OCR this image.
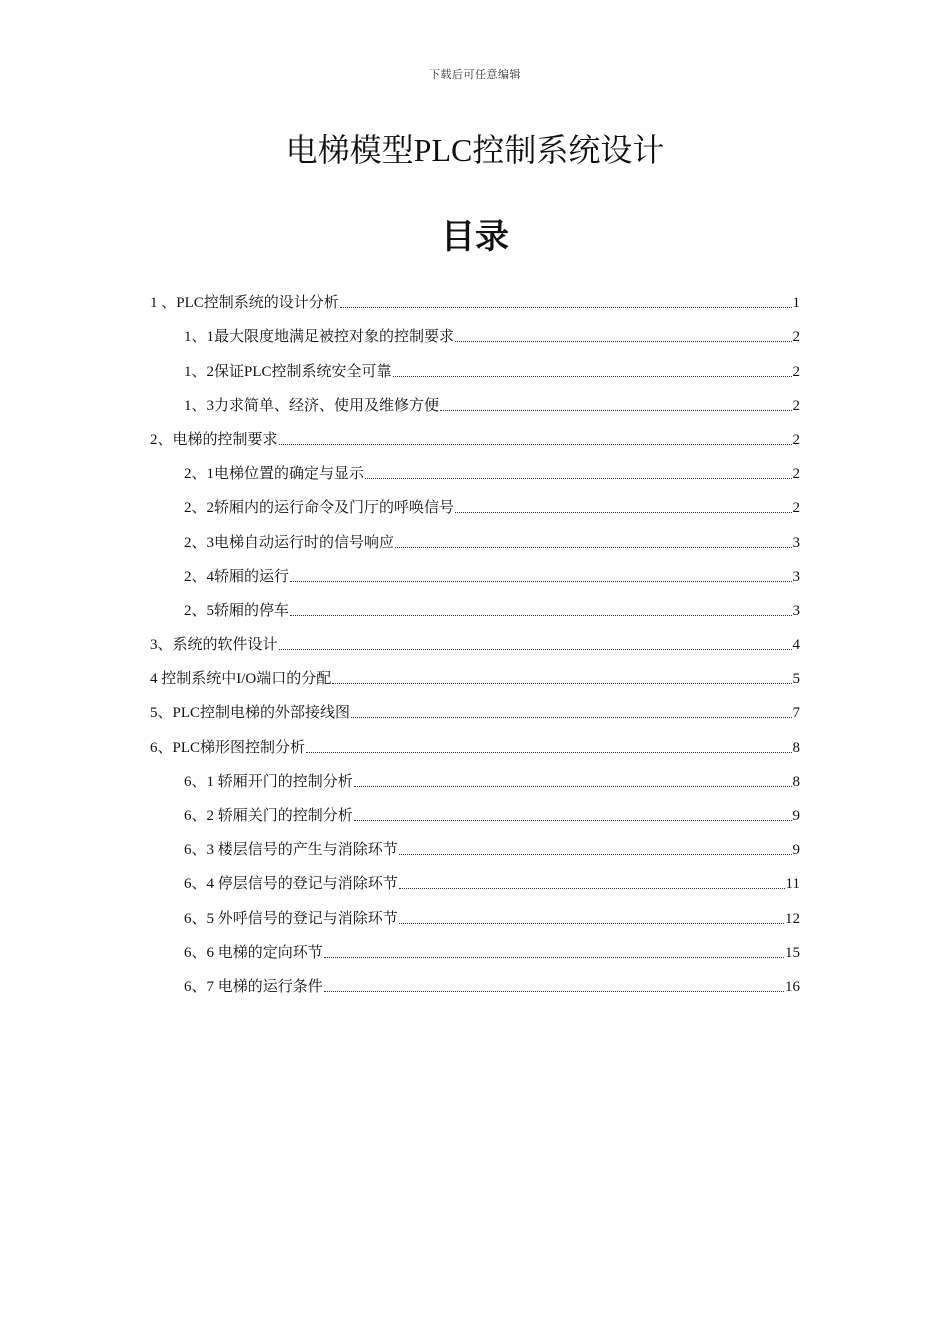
下载后可任意编辑
电梯模型PLC控制系统设计
目录
1 、PLC控制系统的设计分析	1
1、1最大限度地满足被控对象的控制要求	2
1、2保证PLC控制系统安全可靠	2
1、3力求简单、经济、使用及维修方便	2
2、电梯的控制要求	2
2、1电梯位置的确定与显示	2
2、2轿厢内的运行命令及门厅的呼唤信号	2
2、3电梯自动运行时的信号响应	3
2、4轿厢的运行	3
2、5轿厢的停车	3
3、系统的软件设计	4
4 控制系统中I/O端口的分配	5
5、PLC控制电梯的外部接线图	7
6、PLC梯形图控制分析	8
6、1 轿厢开门的控制分析	8
6、2 轿厢关门的控制分析	9
6、3 楼层信号的产生与消除环节	9
6、4 停层信号的登记与消除环节	11
6、5 外呼信号的登记与消除环节	12
6、6 电梯的定向环节	15
6、7 电梯的运行条件	16
